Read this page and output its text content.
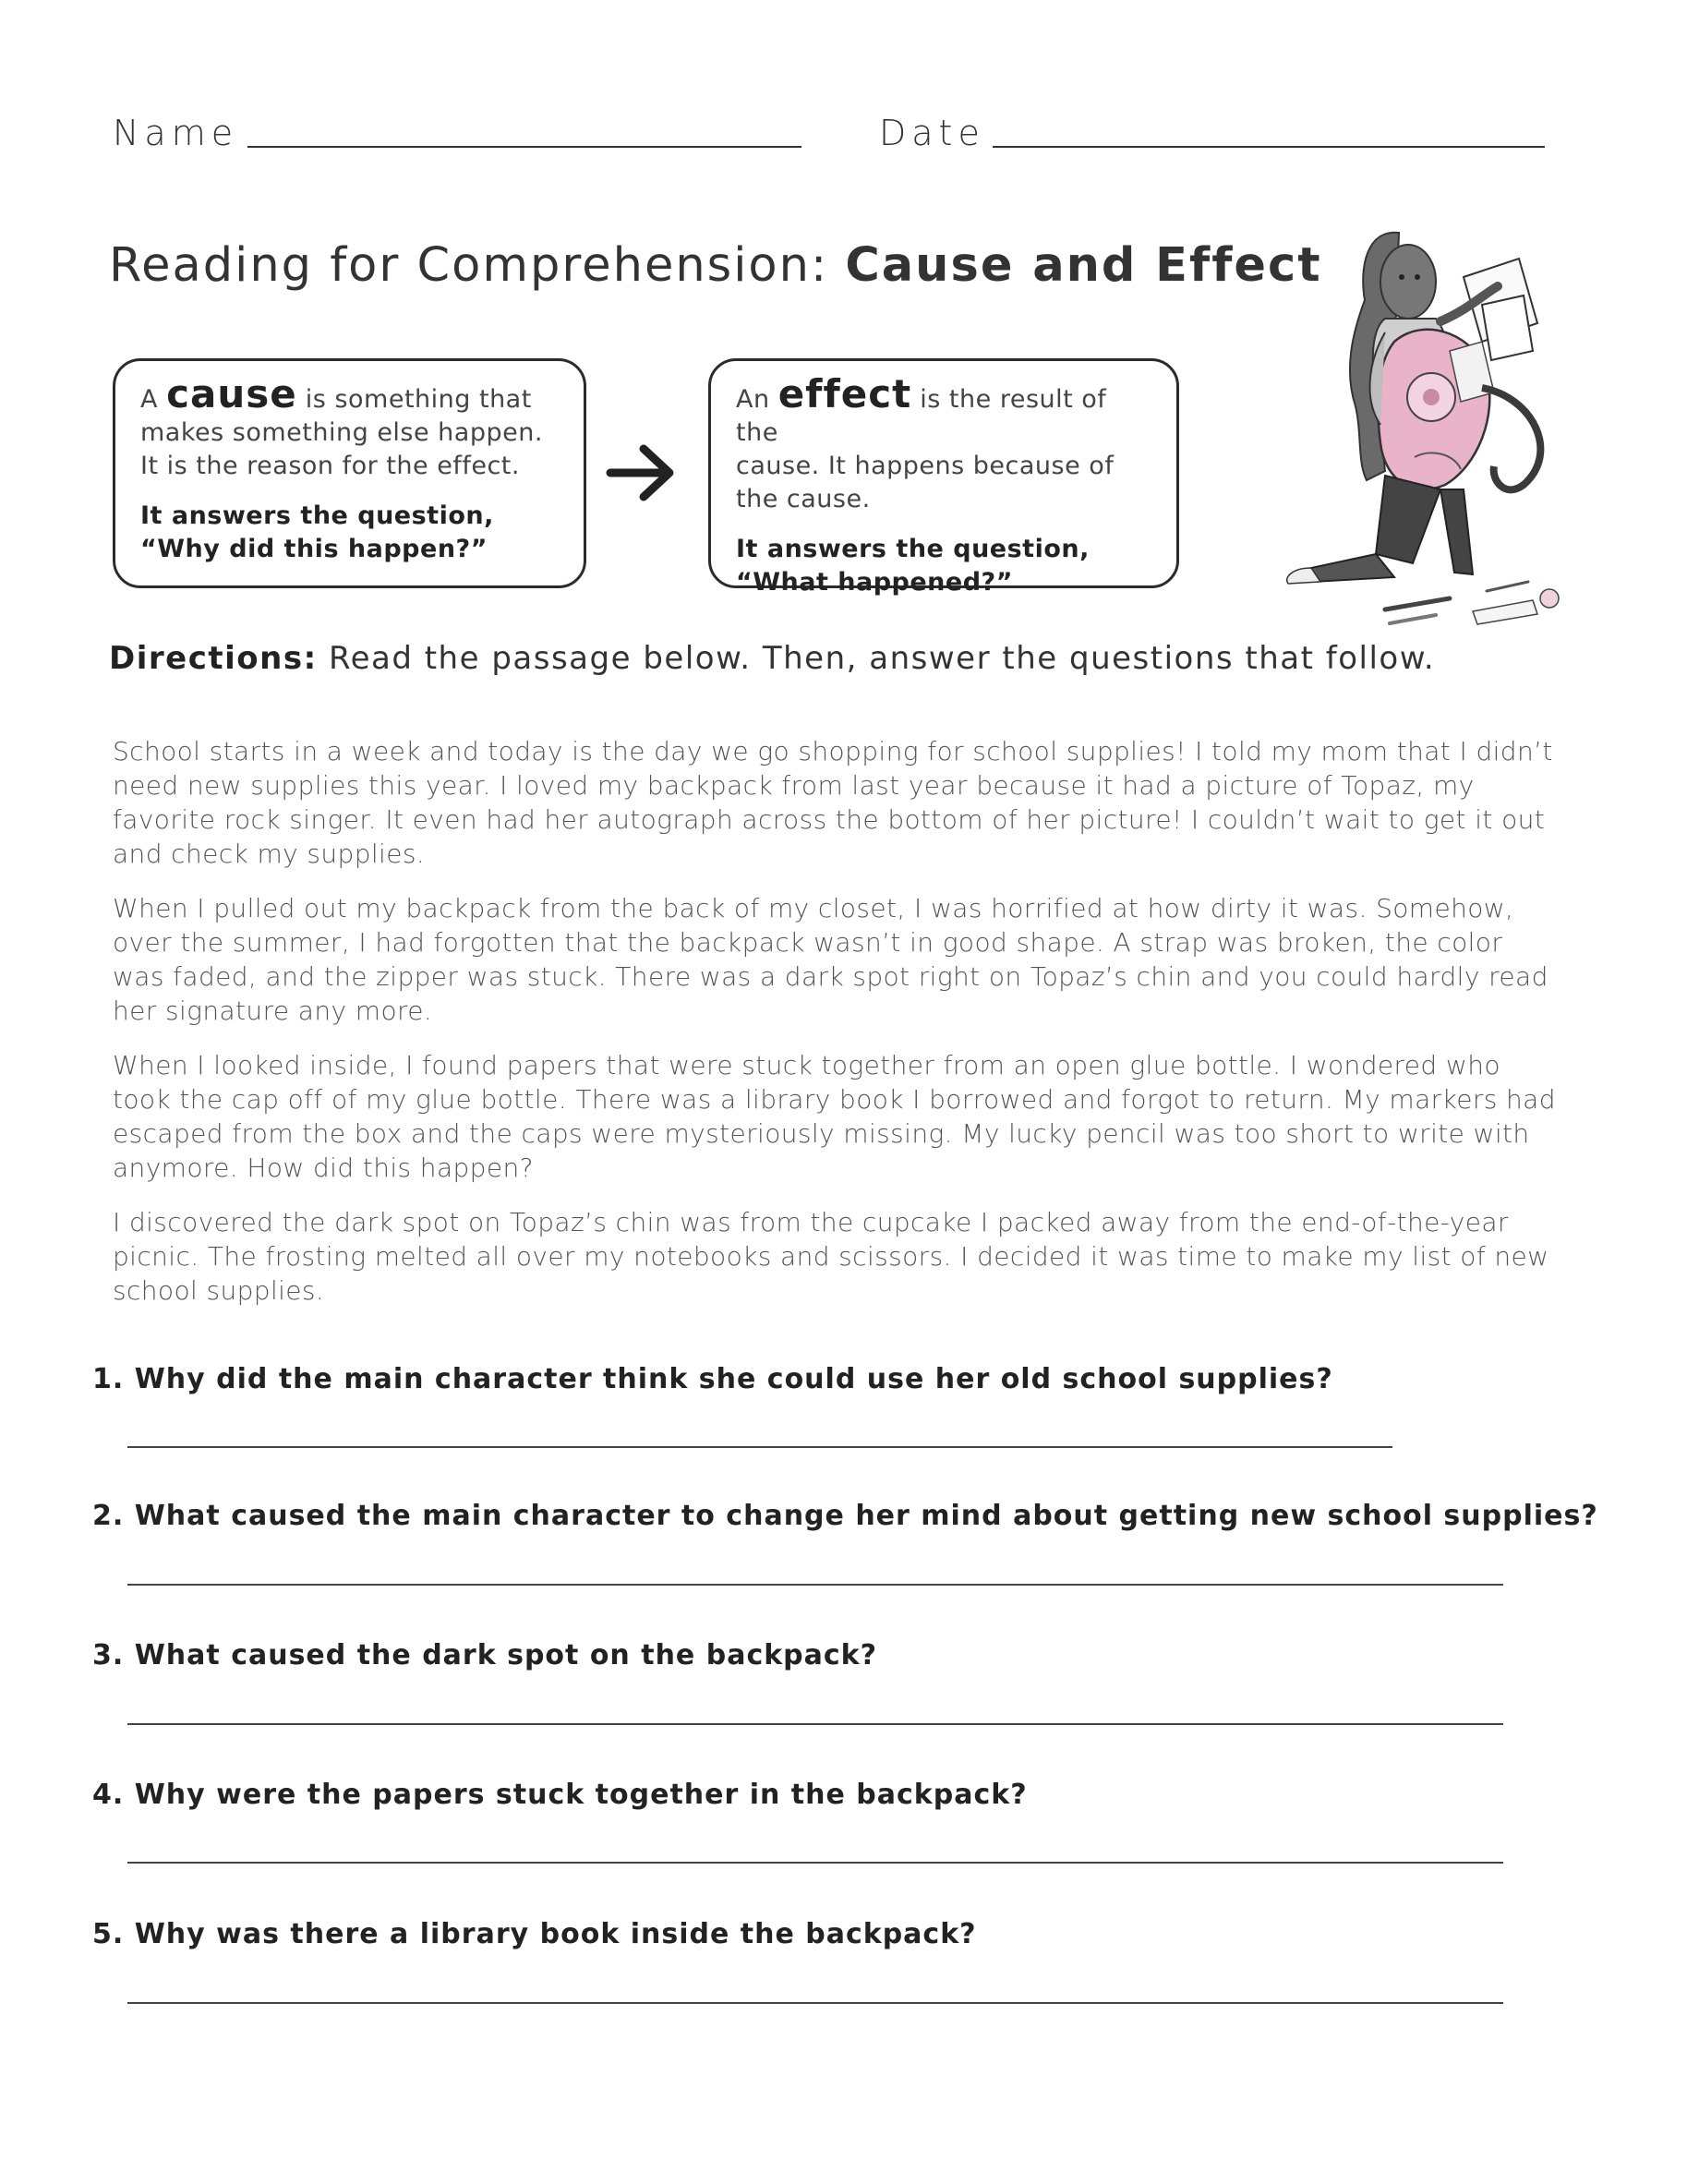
Name	Date
Reading for Comprehension: Cause and Effect
A cause is something that
makes something else happen.
It is the reason for the effect.
It answers the question,
“Why did this happen?”
An effect is the result of the
cause. It happens because of
the cause.
It answers the question,
“What happened?”
Directions: Read the passage below. Then, answer the questions that follow.

School starts in a week and today is the day we go shopping for school supplies! I told my mom that I didn’t need new supplies this year. I loved my backpack from last year because it had a picture of Topaz, my favorite rock singer. It even had her autograph across the bottom of her picture! I couldn’t wait to get it out and check my supplies.

When I pulled out my backpack from the back of my closet, I was horrified at how dirty it was. Somehow, over the summer, I had forgotten that the backpack wasn’t in good shape. A strap was broken, the color was faded, and the zipper was stuck. There was a dark spot right on Topaz’s chin and you could hardly read her signature any more.

When I looked inside, I found papers that were stuck together from an open glue bottle. I wondered who took the cap off of my glue bottle. There was a library book I borrowed and forgot to return. My markers had escaped from the box and the caps were mysteriously missing. My lucky pencil was too short to write with anymore. How did this happen?

I discovered the dark spot on Topaz’s chin was from the cupcake I packed away from the end-of-the-year picnic. The frosting melted all over my notebooks and scissors. I decided it was time to make my list of new school supplies.

1. Why did the main character think she could use her old school supplies?
2. What caused the main character to change her mind about getting new school supplies?
3. What caused the dark spot on the backpack?
4. Why were the papers stuck together in the backpack?
5. Why was there a library book inside the backpack?
